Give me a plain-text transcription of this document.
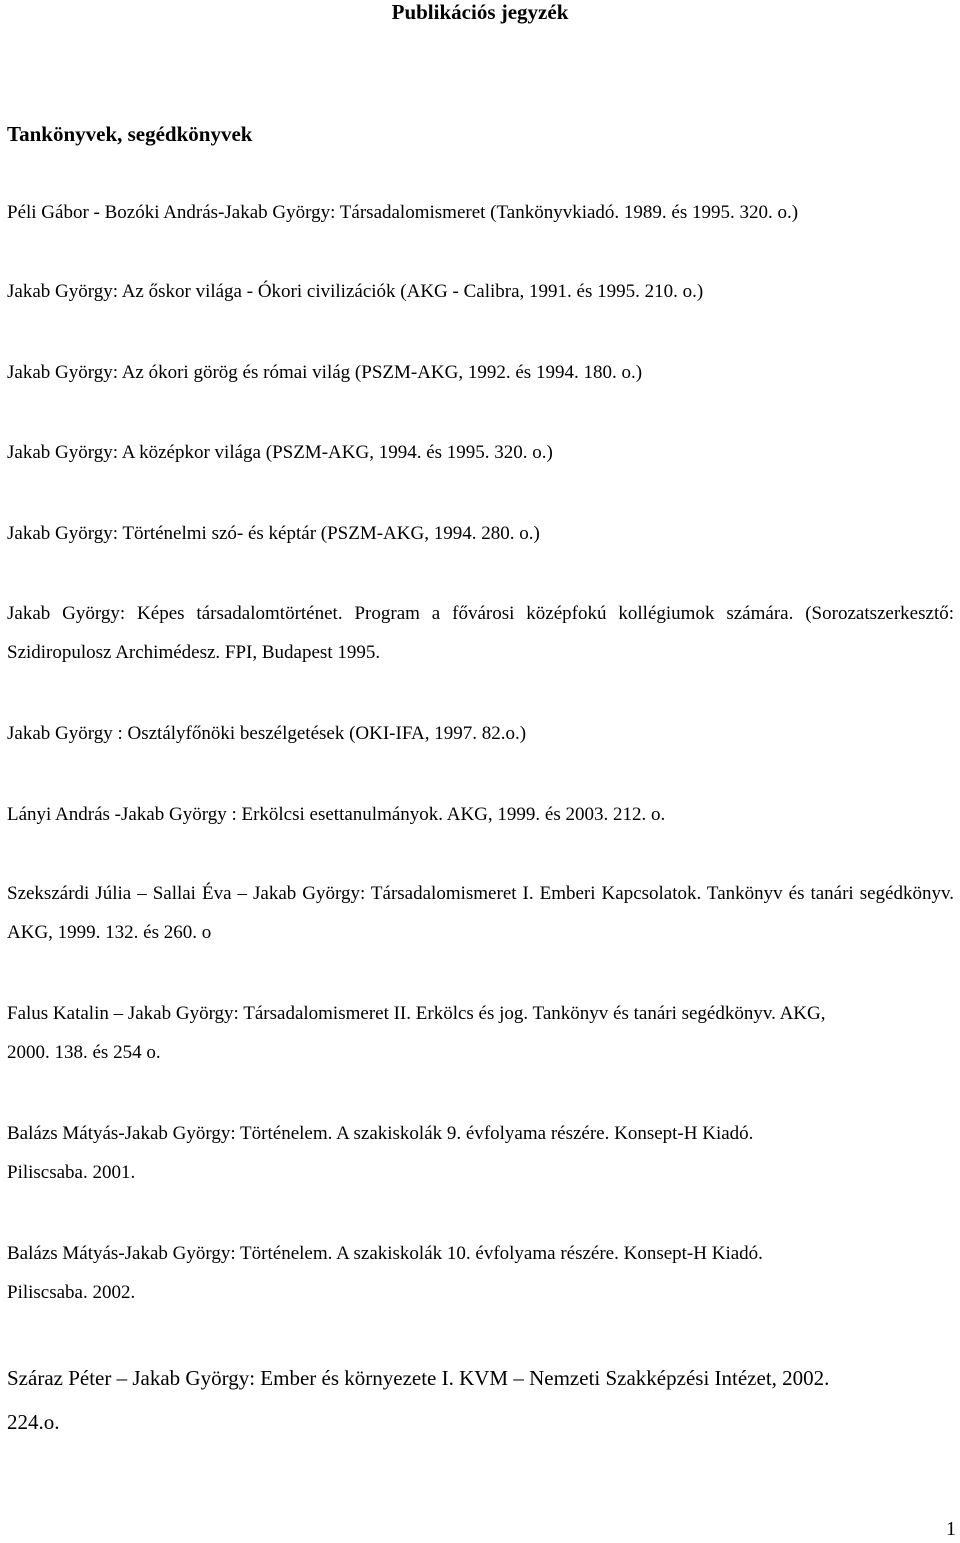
Publikációs jegyzék
Tankönyvek, segédkönyvek

Péli Gábor - Bozóki András-Jakab György: Társadalomismeret (Tankönyvkiadó. 1989. és 1995. 320. o.)

Jakab György: Az őskor világa - Ókori civilizációk (AKG - Calibra, 1991. és 1995. 210. o.)

Jakab György: Az ókori görög és római világ (PSZM-AKG, 1992. és 1994. 180. o.)

Jakab György: A középkor világa (PSZM-AKG, 1994. és 1995. 320. o.)

Jakab György: Történelmi szó- és képtár (PSZM-AKG, 1994. 280. o.)

Jakab György: Képes társadalomtörténet. Program a fővárosi középfokú kollégiumok számára. (Sorozatszerkesztő: Szidiropulosz Archimédesz. FPI, Budapest 1995.

Jakab György : Osztályfőnöki beszélgetések (OKI-IFA, 1997. 82.o.)

Lányi András -Jakab György : Erkölcsi esettanulmányok. AKG, 1999. és 2003. 212. o.

Szekszárdi Júlia – Sallai Éva – Jakab György: Társadalomismeret I. Emberi Kapcsolatok. Tankönyv és tanári segédkönyv. AKG, 1999. 132. és 260. o

Falus Katalin – Jakab György: Társadalomismeret II. Erkölcs és jog. Tankönyv és tanári segédkönyv. AKG, 2000. 138. és 254 o.

Balázs Mátyás-Jakab György: Történelem. A szakiskolák 9. évfolyama részére. Konsept-H Kiadó. Piliscsaba. 2001.

Balázs Mátyás-Jakab György: Történelem. A szakiskolák 10. évfolyama részére. Konsept-H Kiadó. Piliscsaba. 2002.

Száraz Péter – Jakab György: Ember és környezete I. KVM – Nemzeti Szakképzési Intézet, 2002. 224.o.

1
